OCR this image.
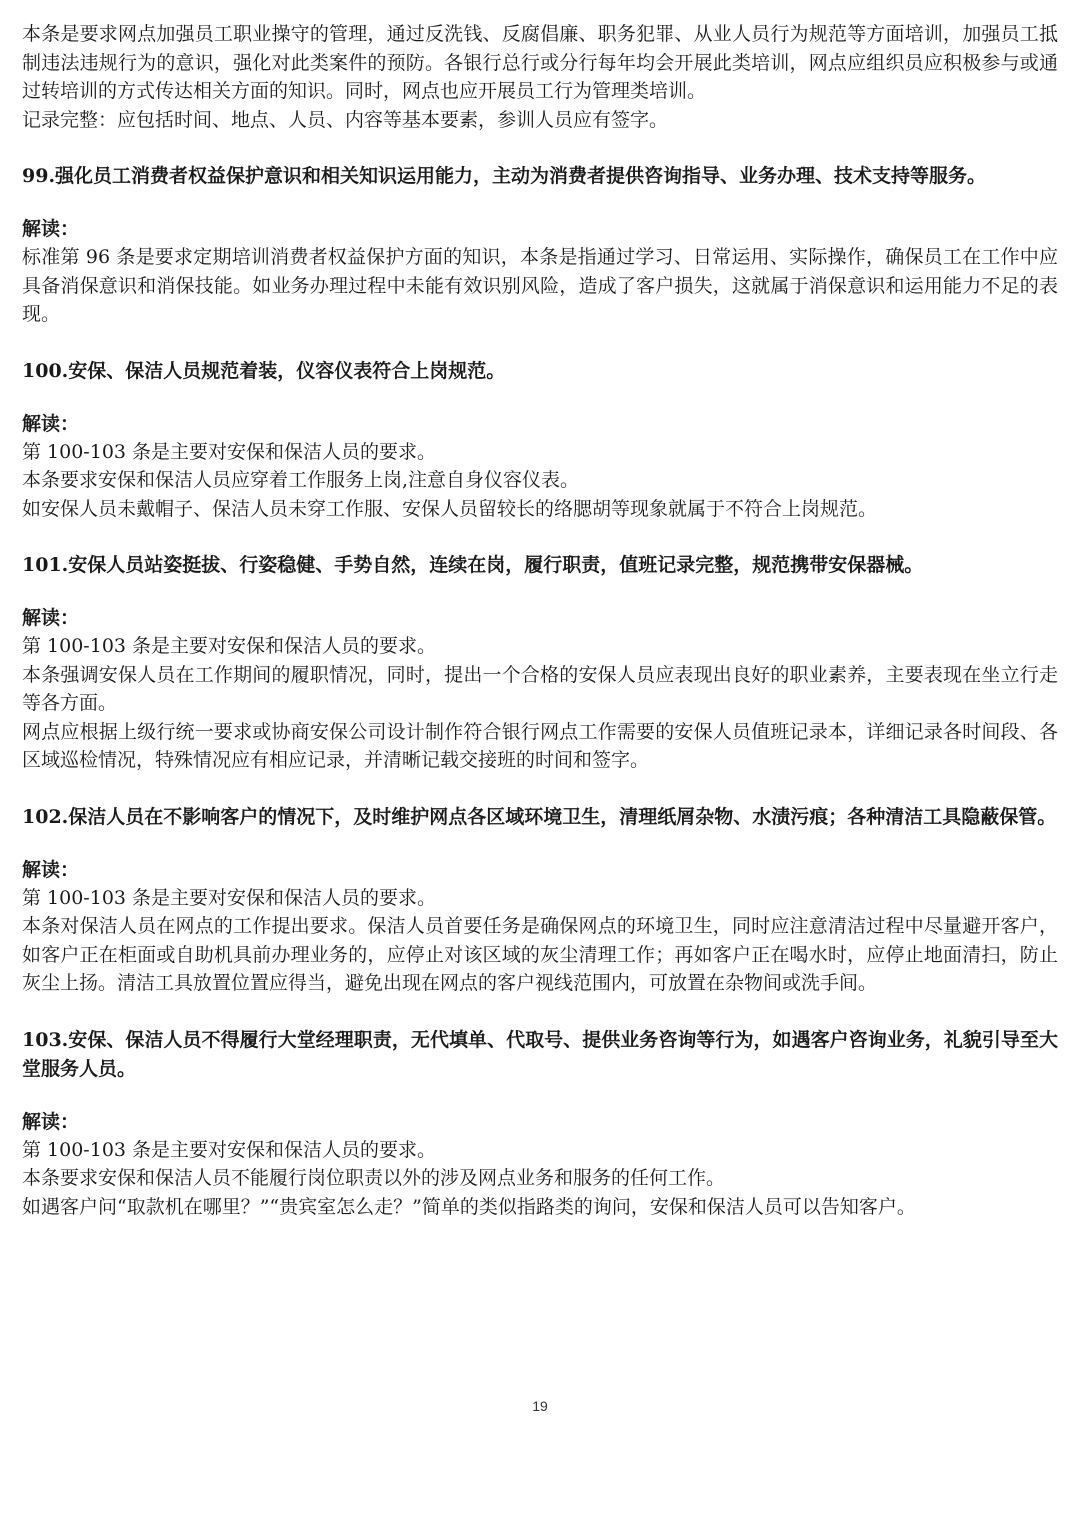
本条是要求网点加强员工职业操守的管理，通过反洗钱、反腐倡廉、职务犯罪、从业人员行为规范等方面培训，加强员工抵制违法违规行为的意识，强化对此类案件的预防。各银行总行或分行每年均会开展此类培训，网点应组织员应积极参与或通过转培训的方式传达相关方面的知识。同时，网点也应开展员工行为管理类培训。

记录完整：应包括时间、地点、人员、内容等基本要素，参训人员应有签字。

99.强化员工消费者权益保护意识和相关知识运用能力，主动为消费者提供咨询指导、业务办理、技术支持等服务。

解读：

标准第 96 条是要求定期培训消费者权益保护方面的知识，本条是指通过学习、日常运用、实际操作，确保员工在工作中应具备消保意识和消保技能。如业务办理过程中未能有效识别风险，造成了客户损失，这就属于消保意识和运用能力不足的表现。

100.安保、保洁人员规范着装，仪容仪表符合上岗规范。

解读：

第 100-103 条是主要对安保和保洁人员的要求。

本条要求安保和保洁人员应穿着工作服务上岗,注意自身仪容仪表。

如安保人员未戴帽子、保洁人员未穿工作服、安保人员留较长的络腮胡等现象就属于不符合上岗规范。

101.安保人员站姿挺拔、行姿稳健、手势自然，连续在岗，履行职责，值班记录完整，规范携带安保器械。

解读：

第 100-103 条是主要对安保和保洁人员的要求。

本条强调安保人员在工作期间的履职情况，同时，提出一个合格的安保人员应表现出良好的职业素养，主要表现在坐立行走等各方面。

网点应根据上级行统一要求或协商安保公司设计制作符合银行网点工作需要的安保人员值班记录本，详细记录各时间段、各区域巡检情况，特殊情况应有相应记录，并清晰记载交接班的时间和签字。

102.保洁人员在不影响客户的情况下，及时维护网点各区域环境卫生，清理纸屑杂物、水渍污痕；各种清洁工具隐蔽保管。

解读：

第 100-103 条是主要对安保和保洁人员的要求。

本条对保洁人员在网点的工作提出要求。保洁人员首要任务是确保网点的环境卫生，同时应注意清洁过程中尽量避开客户，如客户正在柜面或自助机具前办理业务的，应停止对该区域的灰尘清理工作；再如客户正在喝水时，应停止地面清扫，防止灰尘上扬。清洁工具放置位置应得当，避免出现在网点的客户视线范围内，可放置在杂物间或洗手间。

103.安保、保洁人员不得履行大堂经理职责，无代填单、代取号、提供业务咨询等行为，如遇客户咨询业务，礼貌引导至大堂服务人员。

解读：

第 100-103 条是主要对安保和保洁人员的要求。

本条要求安保和保洁人员不能履行岗位职责以外的涉及网点业务和服务的任何工作。

如遇客户问“取款机在哪里？”“贵宾室怎么走？”简单的类似指路类的询问，安保和保洁人员可以告知客户。

19
